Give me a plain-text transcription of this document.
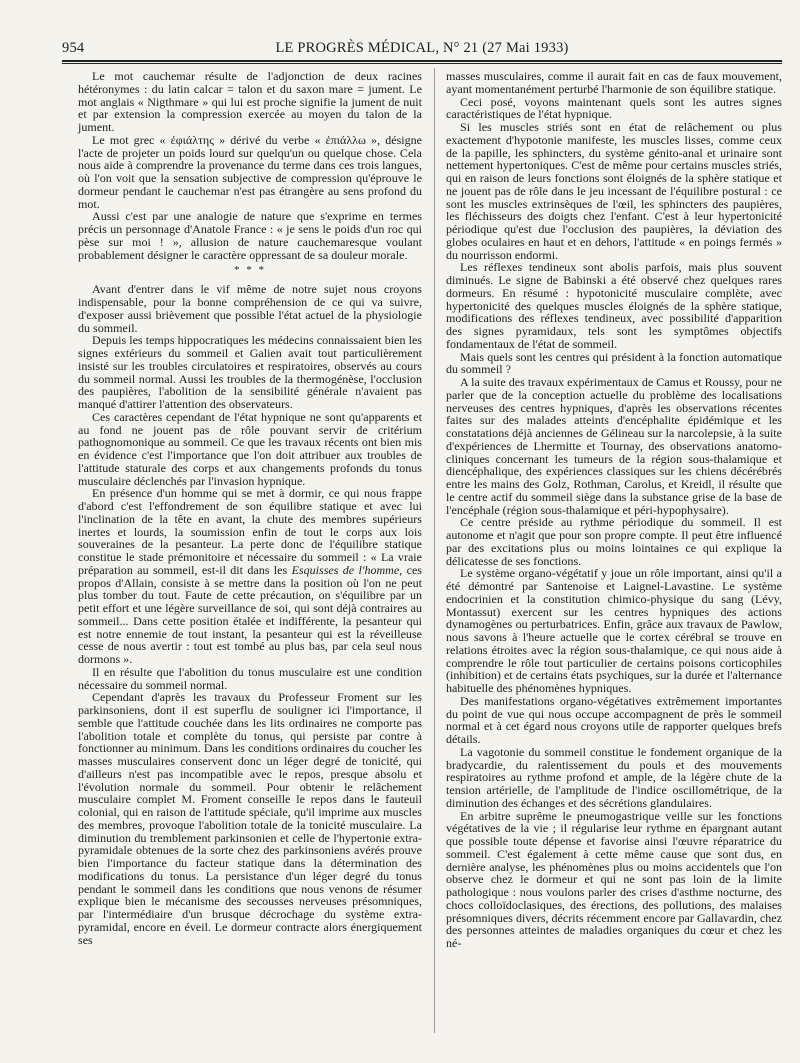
954	LE PROGRÈS MÉDICAL, N° 21 (27 Mai 1933)

Le mot cauchemar résulte de l'adjonction de deux racines hétéronymes : du latin calcar = talon et du saxon mare = jument. Le mot anglais « Nigthmare » qui lui est proche signifie la jument de nuit et par extension la compression exercée au moyen du talon de la jument.

Le mot grec « ἐφιάλτης » dérivé du verbe « ἐπιάλλω », désigne l'acte de projeter un poids lourd sur quelqu'un ou quelque chose. Cela nous aide à comprendre la provenance du terme dans ces trois langues, où l'on voit que la sensation subjective de compression qu'éprouve le dormeur pendant le cauchemar n'est pas étrangère au sens profond du mot.

Aussi c'est par une analogie de nature que s'exprime en termes précis un personnage d'Anatole France : « je sens le poids d'un roc qui pèse sur moi ! », allusion de nature cauchemaresque voulant probablement désigner le caractère oppressant de sa douleur morale.

* * *

Avant d'entrer dans le vif même de notre sujet nous croyons indispensable, pour la bonne compréhension de ce qui va suivre, d'exposer aussi brièvement que possible l'état actuel de la physiologie du sommeil.

Depuis les temps hippocratiques les médecins connaissaient bien les signes extérieurs du sommeil et Galien avait tout particulièrement insisté sur les troubles circulatoires et respiratoires, observés au cours du sommeil normal. Aussi les troubles de la thermogénèse, l'occlusion des paupières, l'abolition de la sensibilité générale n'avaient pas manqué d'attirer l'attention des observateurs.

Ces caractères cependant de l'état hypnique ne sont qu'apparents et au fond ne jouent pas de rôle pouvant servir de critérium pathognomonique au sommeil. Ce que les travaux récents ont bien mis en évidence c'est l'importance que l'on doit attribuer aux troubles de l'attitude staturale des corps et aux changements profonds du tonus musculaire déclenchés par l'invasion hypnique.

En présence d'un homme qui se met à dormir, ce qui nous frappe d'abord c'est l'effondrement de son équilibre statique et avec lui l'inclination de la tête en avant, la chute des membres supérieurs inertes et lourds, la soumission enfin de tout le corps aux lois souveraines de la pesanteur. La perte donc de l'équilibre statique constitue le stade prémonitoire et nécessaire du sommeil : « La vraie préparation au sommeil, est-il dit dans les Esquisses de l'homme, ces propos d'Allain, consiste à se mettre dans la position où l'on ne peut plus tomber du tout. Faute de cette précaution, on s'équilibre par un petit effort et une légère surveillance de soi, qui sont déjà contraires au sommeil... Dans cette position étalée et indifférente, la pesanteur qui est notre ennemie de tout instant, la pesanteur qui est la réveilleuse cesse de nous avertir : tout est tombé au plus bas, par cela seul nous dormons ».

Il en résulte que l'abolition du tonus musculaire est une condition nécessaire du sommeil normal.

Cependant d'après les travaux du Professeur Froment sur les parkinsoniens, dont il est superflu de souligner ici l'importance, il semble que l'attitude couchée dans les lits ordinaires ne comporte pas l'abolition totale et complète du tonus, qui persiste par contre à fonctionner au minimum. Dans les conditions ordinaires du coucher les masses musculaires conservent donc un léger degré de tonicité, qui d'ailleurs n'est pas incompatible avec le repos, presque absolu et l'évolution normale du sommeil. Pour obtenir le relâchement musculaire complet M. Froment conseille le repos dans le fauteuil colonial, qui en raison de l'attitude spéciale, qu'il imprime aux muscles des membres, provoque l'abolition totale de la tonicité musculaire. La diminution du tremblement parkinsonien et celle de l'hypertonie extra-pyramidale obtenues de la sorte chez des parkinsoniens avérés prouve bien l'importance du facteur statique dans la détermination des modifications du tonus. La persistance d'un léger degré du tonus pendant le sommeil dans les conditions que nous venons de résumer explique bien le mécanisme des secousses nerveuses présomniques, par l'intermédiaire d'un brusque décrochage du système extra-pyramidal, encore en éveil. Le dormeur contracte alors énergiquement ses

masses musculaires, comme il aurait fait en cas de faux mouvement, ayant momentanément perturbé l'harmonie de son équilibre statique.

Ceci posé, voyons maintenant quels sont les autres signes caractéristiques de l'état hypnique.

Si les muscles striés sont en état de relâchement ou plus exactement d'hypotonie manifeste, les muscles lisses, comme ceux de la papille, les sphincters, du système génito-anal et urinaire sont nettement hypertoniques. C'est de même pour certains muscles striés, qui en raison de leurs fonctions sont éloignés de la sphère statique et ne jouent pas de rôle dans le jeu incessant de l'équilibre postural : ce sont les muscles extrinsèques de l'œil, les sphincters des paupières, les fléchisseurs des doigts chez l'enfant. C'est à leur hypertonicité périodique qu'est due l'occlusion des paupières, la déviation des globes oculaires en haut et en dehors, l'attitude « en poings fermés » du nourrisson endormi.

Les réflexes tendineux sont abolis parfois, mais plus souvent diminués. Le signe de Babinski a été observé chez quelques rares dormeurs. En résumé : hypotonicité musculaire complète, avec hypertonicité des quelques muscles éloignés de la sphère statique, modifications des réflexes tendineux, avec possibilité d'apparition des signes pyramidaux, tels sont les symptômes objectifs fondamentaux de l'état de sommeil.

Mais quels sont les centres qui président à la fonction automatique du sommeil ?

A la suite des travaux expérimentaux de Camus et Roussy, pour ne parler que de la conception actuelle du problème des localisations nerveuses des centres hypniques, d'après les observations récentes faites sur des malades atteints d'encéphalite épidémique et les constatations déjà anciennes de Gélineau sur la narcolepsie, à la suite d'expériences de Lhermitte et Tournay, des observations anatomo-cliniques concernant les tumeurs de la région sous-thalamique et diencéphalique, des expériences classiques sur les chiens décérébrés entre les mains des Golz, Rothman, Carolus, et Kreidl, il résulte que le centre actif du sommeil siège dans la substance grise de la base de l'encéphale (région sous-thalamique et péri-hypophysaire).

Ce centre préside au rythme périodique du sommeil. Il est autonome et n'agit que pour son propre compte. Il peut être influencé par des excitations plus ou moins lointaines ce qui explique la délicatesse de ses fonctions.

Le système organo-végétatif y joue un rôle important, ainsi qu'il a été démontré par Santenoise et Laignel-Lavastine. Le système endocrinien et la constitution chimico-physique du sang (Lévy, Montassut) exercent sur les centres hypniques des actions dynamogènes ou perturbatrices. Enfin, grâce aux travaux de Pawlow, nous savons à l'heure actuelle que le cortex cérébral se trouve en relations étroites avec la région sous-thalamique, ce qui nous aide à comprendre le rôle tout particulier de certains poisons corticophiles (inhibition) et de certains états psychiques, sur la durée et l'alternance habituelle des phénomènes hypniques.

Des manifestations organo-végétatives extrêmement importantes du point de vue qui nous occupe accompagnent de près le sommeil normal et à cet égard nous croyons utile de rapporter quelques brefs détails.

La vagotonie du sommeil constitue le fondement organique de la bradycardie, du ralentissement du pouls et des mouvements respiratoires au rythme profond et ample, de la légère chute de la tension artérielle, de l'amplitude de l'indice oscillométrique, de la diminution des échanges et des sécrétions glandulaires.

En arbitre suprême le pneumogastrique veille sur les fonctions végétatives de la vie ; il régularise leur rythme en épargnant autant que possible toute dépense et favorise ainsi l'œuvre réparatrice du sommeil. C'est également à cette même cause que sont dus, en dernière analyse, les phénomènes plus ou moins accidentels que l'on observe chez le dormeur et qui ne sont pas loin de la limite pathologique : nous voulons parler des crises d'asthme nocturne, des chocs colloïdoclasiques, des érections, des pollutions, des malaises présomniques divers, décrits récemment encore par Gallavardin, chez des personnes atteintes de maladies organiques du cœur et chez les né-
